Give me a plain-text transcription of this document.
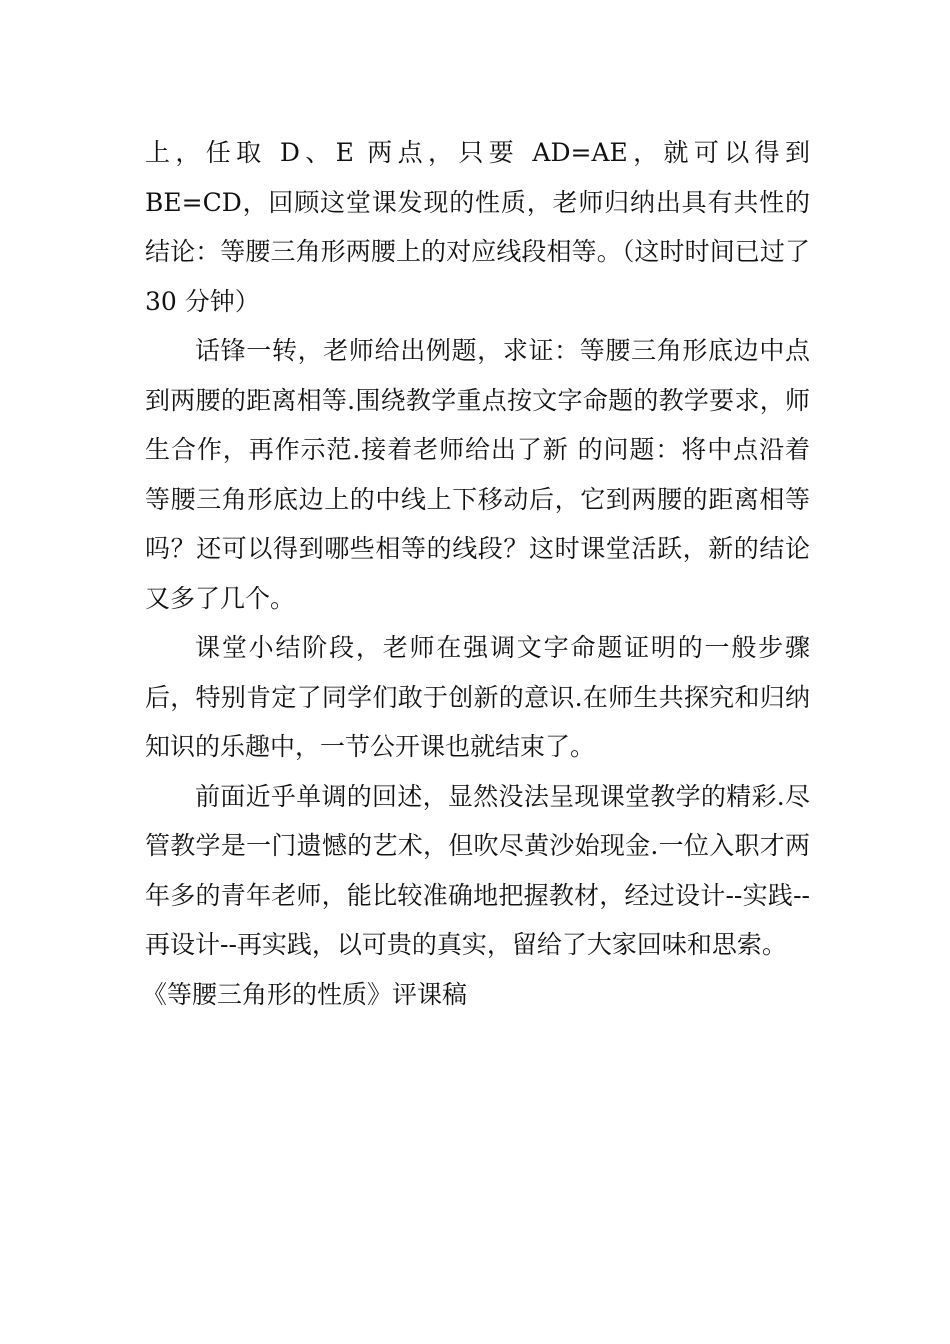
上，任取 D、E 两点，只要 AD=AE，就可以得到 BE=CD，回顾这堂课发现的性质，老师归纳出具有共性的结论：等腰三角形两腰上的对应线段相等。（这时时间已过了 30 分钟）

话锋一转，老师给出例题，求证：等腰三角形底边中点到两腰的距离相等.围绕教学重点按文字命题的教学要求，师生合作，再作示范.接着老师给出了新 的问题：将中点沿着等腰三角形底边上的中线上下移动后，它到两腰的距离相等吗？还可以得到哪些相等的线段？这时课堂活跃，新的结论又多了几个。

课堂小结阶段，老师在强调文字命题证明的一般步骤后，特别肯定了同学们敢于创新的意识.在师生共探究和归纳知识的乐趣中，一节公开课也就结束了。

前面近乎单调的回述，显然没法呈现课堂教学的精彩.尽管教学是一门遗憾的艺术，但吹尽黄沙始现金.一位入职才两年多的青年老师，能比较准确地把握教材，经过设计--实践--再设计--再实践，以可贵的真实，留给了大家回味和思索。

《等腰三角形的性质》评课稿
